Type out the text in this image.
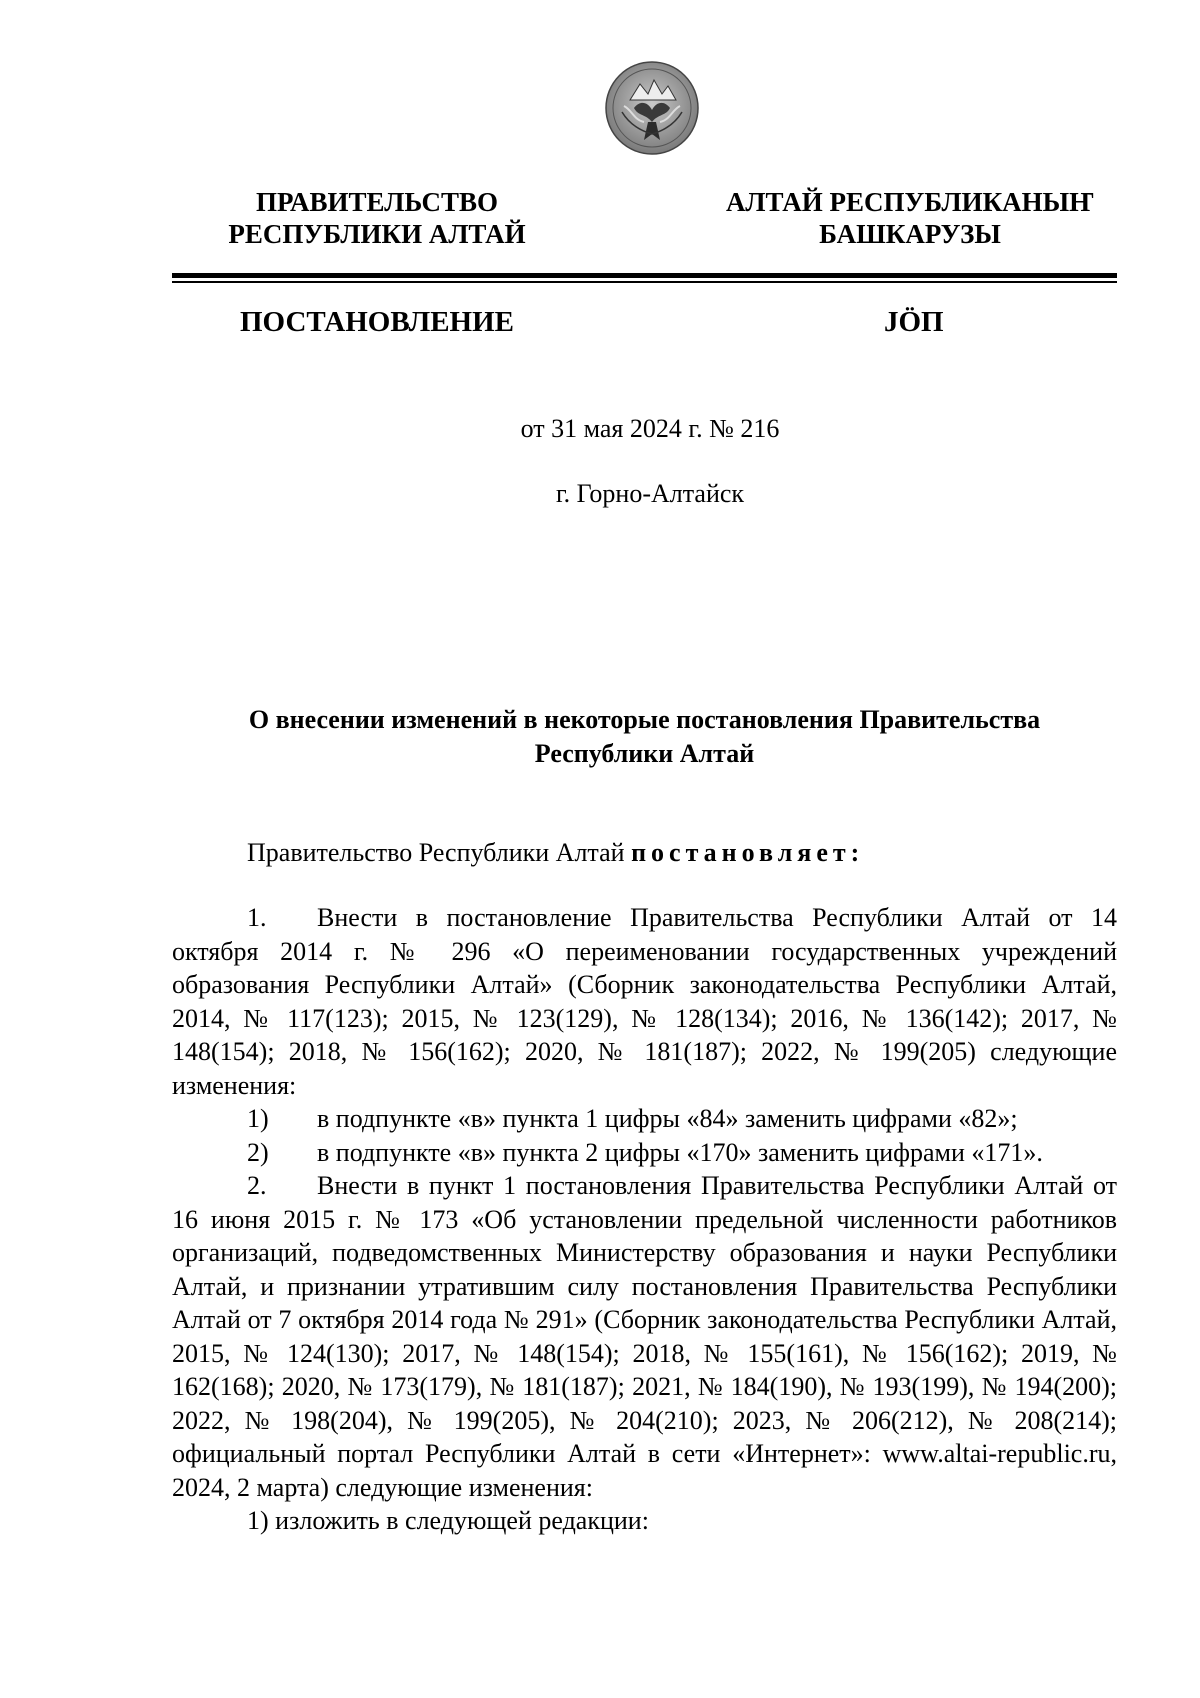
ПРАВИТЕЛЬСТВО
РЕСПУБЛИКИ АЛТАЙ
АЛТАЙ РЕСПУБЛИКАНЫҤ
БАШКАРУЗЫ
ПОСТАНОВЛЕНИЕ	JÖП
от 31 мая 2024 г. № 216
г. Горно-Алтайск
О внесении изменений в некоторые постановления Правительства
Республики Алтай

Правительство Республики Алтай постановляет:

1. Внести в постановление Правительства Республики Алтай от 14 октября 2014 г. № 296 «О переименовании государственных учреждений образования Республики Алтай» (Сборник законодательства Республики Алтай, 2014, № 117(123); 2015, № 123(129), № 128(134); 2016, № 136(142); 2017, № 148(154); 2018, № 156(162); 2020, № 181(187); 2022, № 199(205) следующие изменения:

1) в подпункте «в» пункта 1 цифры «84» заменить цифрами «82»;

2) в подпункте «в» пункта 2 цифры «170» заменить цифрами «171».

2. Внести в пункт 1 постановления Правительства Республики Алтай от 16 июня 2015 г. № 173 «Об установлении предельной численности работников организаций, подведомственных Министерству образования и науки Республики Алтай, и признании утратившим силу постановления Правительства Республики Алтай от 7 октября 2014 года № 291» (Сборник законодательства Республики Алтай, 2015, № 124(130); 2017, № 148(154); 2018, № 155(161), № 156(162); 2019, № 162(168); 2020, № 173(179), № 181(187); 2021, № 184(190), № 193(199), № 194(200); 2022, № 198(204), № 199(205), № 204(210); 2023, № 206(212), № 208(214); официальный портал Республики Алтай в сети «Интернет»: www.altai-republic.ru, 2024, 2 марта) следующие изменения:

1) изложить в следующей редакции:
